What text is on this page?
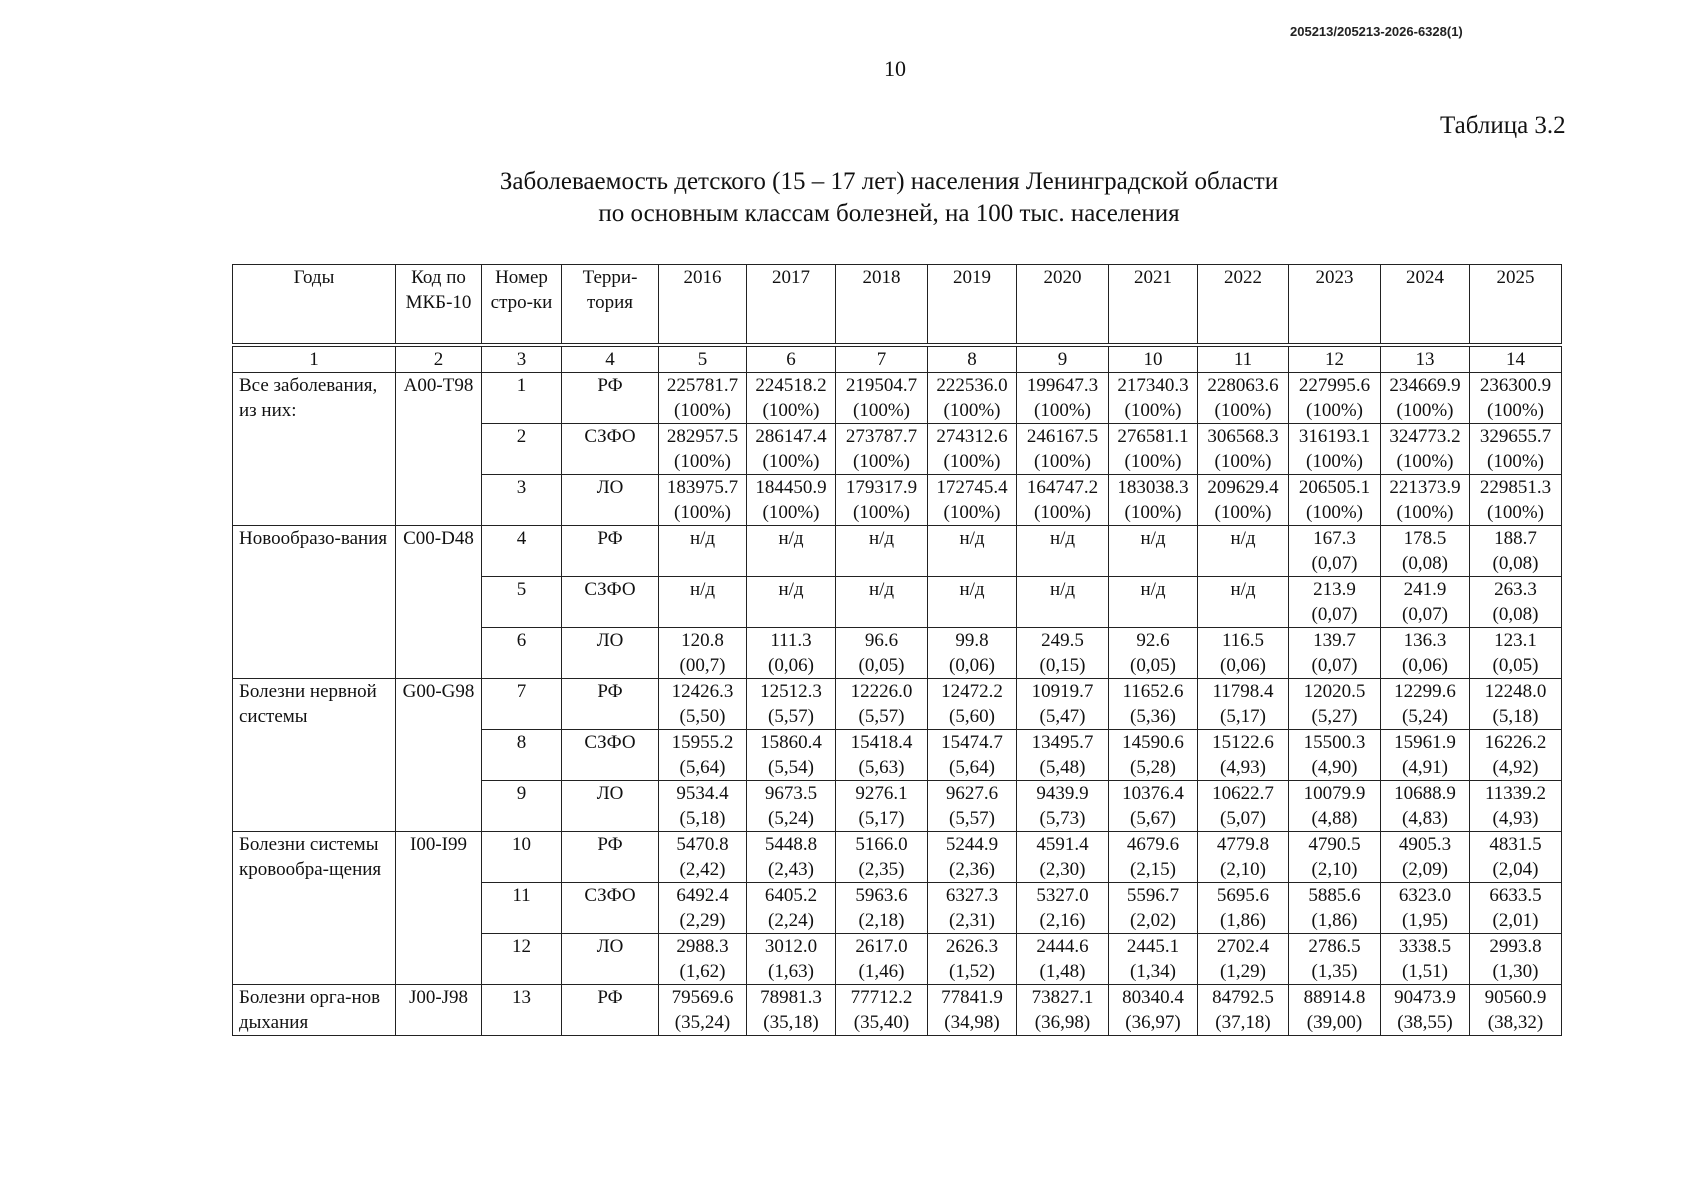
205213/205213-2026-6328(1)
10
Таблица 3.2
Заболеваемость детского (15 – 17 лет) населения Ленинградской области
по основным классам болезней, на 100 тыс. населения
Годы	Код по МКБ-10	Номер стро-ки	Терри-тория	2016	2017	2018	2019	2020	2021	2022	2023	2024	2025
1	2	3	4	5	6	7	8	9	10	11	12	13	14
Все заболевания, из них:	A00-T98	1	РФ	225781.7
(100%)	224518.2
(100%)	219504.7
(100%)	222536.0
(100%)	199647.3
(100%)	217340.3
(100%)	228063.6
(100%)	227995.6
(100%)	234669.9
(100%)	236300.9
(100%)

		2	СЗФО	282957.5
(100%)	286147.4
(100%)	273787.7
(100%)	274312.6
(100%)	246167.5
(100%)	276581.1
(100%)	306568.3
(100%)	316193.1
(100%)	324773.2
(100%)	329655.7
(100%)

		3	ЛО	183975.7
(100%)	184450.9
(100%)	179317.9
(100%)	172745.4
(100%)	164747.2
(100%)	183038.3
(100%)	209629.4
(100%)	206505.1
(100%)	221373.9
(100%)	229851.3
(100%)

Новообразо-вания	C00-D48	4	РФ	н/д	н/д	н/д	н/д	н/д	н/д	н/д	167.3
(0,07)	178.5
(0,08)	188.7
(0,08)

		5	СЗФО	н/д	н/д	н/д	н/д	н/д	н/д	н/д	213.9
(0,07)	241.9
(0,07)	263.3
(0,08)

		6	ЛО	120.8
(00,7)	111.3
(0,06)	96.6
(0,05)	99.8
(0,06)	249.5
(0,15)	92.6
(0,05)	116.5
(0,06)	139.7
(0,07)	136.3
(0,06)	123.1
(0,05)

Болезни нервной системы	G00-G98	7	РФ	12426.3
(5,50)	12512.3
(5,57)	12226.0
(5,57)	12472.2
(5,60)	10919.7
(5,47)	11652.6
(5,36)	11798.4
(5,17)	12020.5
(5,27)	12299.6
(5,24)	12248.0
(5,18)

		8	СЗФО	15955.2
(5,64)	15860.4
(5,54)	15418.4
(5,63)	15474.7
(5,64)	13495.7
(5,48)	14590.6
(5,28)	15122.6
(4,93)	15500.3
(4,90)	15961.9
(4,91)	16226.2
(4,92)

		9	ЛО	9534.4
(5,18)	9673.5
(5,24)	9276.1
(5,17)	9627.6
(5,57)	9439.9
(5,73)	10376.4
(5,67)	10622.7
(5,07)	10079.9
(4,88)	10688.9
(4,83)	11339.2
(4,93)

Болезни системы кровообра-щения	I00-I99	10	РФ	5470.8
(2,42)	5448.8
(2,43)	5166.0
(2,35)	5244.9
(2,36)	4591.4
(2,30)	4679.6
(2,15)	4779.8
(2,10)	4790.5
(2,10)	4905.3
(2,09)	4831.5
(2,04)

		11	СЗФО	6492.4
(2,29)	6405.2
(2,24)	5963.6
(2,18)	6327.3
(2,31)	5327.0
(2,16)	5596.7
(2,02)	5695.6
(1,86)	5885.6
(1,86)	6323.0
(1,95)	6633.5
(2,01)

		12	ЛО	2988.3
(1,62)	3012.0
(1,63)	2617.0
(1,46)	2626.3
(1,52)	2444.6
(1,48)	2445.1
(1,34)	2702.4
(1,29)	2786.5
(1,35)	3338.5
(1,51)	2993.8
(1,30)

Болезни орга-нов дыхания	J00-J98	13	РФ	79569.6
(35,24)	78981.3
(35,18)	77712.2
(35,40)	77841.9
(34,98)	73827.1
(36,98)	80340.4
(36,97)	84792.5
(37,18)	88914.8
(39,00)	90473.9
(38,55)	90560.9
(38,32)
